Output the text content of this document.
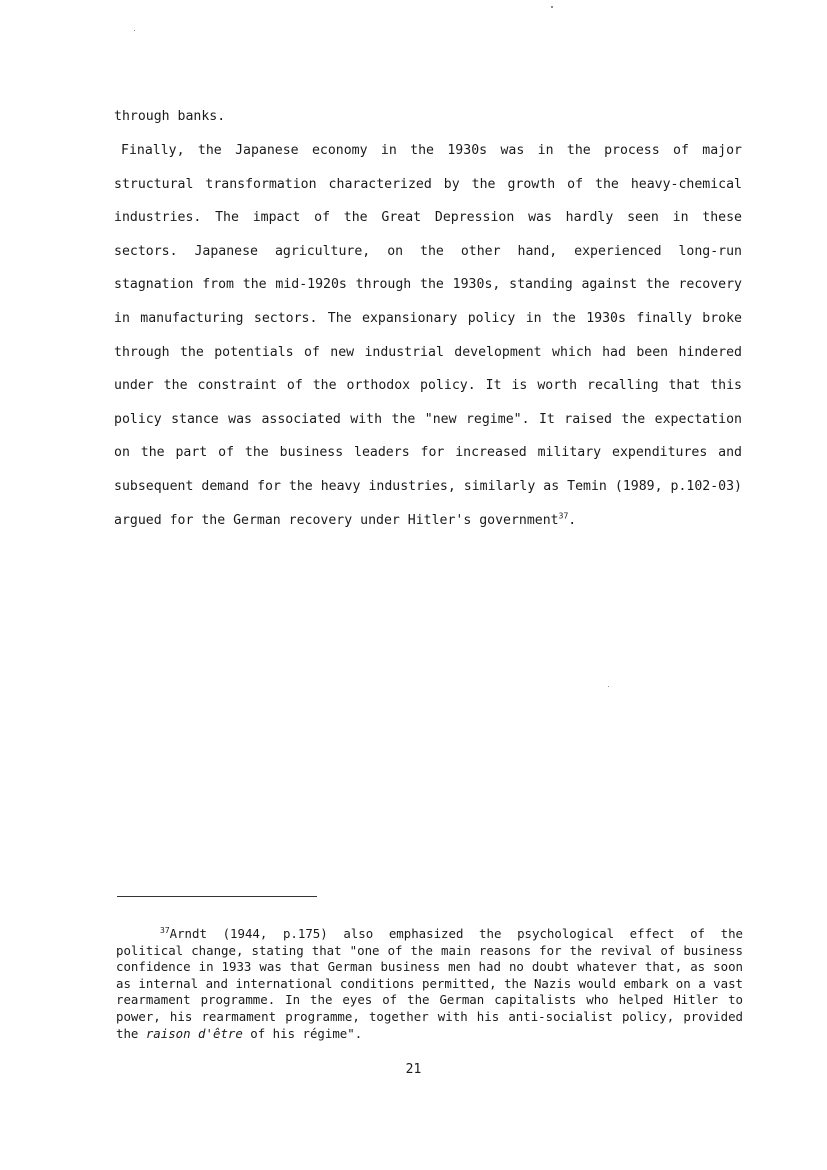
through banks.

Finally, the Japanese economy in the 1930s was in the process of major structural transformation characterized by the growth of the heavy-chemical industries. The impact of the Great Depression was hardly seen in these sectors. Japanese agriculture, on the other hand, experienced long-run stagnation from the mid-1920s through the 1930s, standing against the recovery in manufacturing sectors. The expansionary policy in the 1930s finally broke through the potentials of new industrial development which had been hindered under the constraint of the orthodox policy. It is worth recalling that this policy stance was associated with the "new regime". It raised the expectation on the part of the business leaders for increased military expenditures and subsequent demand for the heavy industries, similarly as Temin (1989, p.102-03) argued for the German recovery under Hitler's government$^{37}$.

$^{37}$Arndt (1944, p.175) also emphasized the psychological effect of the political change, stating that "one of the main reasons for the revival of business confidence in 1933 was that German business men had no doubt whatever that, as soon as internal and international conditions permitted, the Nazis would embark on a vast rearmament programme. In the eyes of the German capitalists who helped Hitler to power, his rearmament programme, together with his anti-socialist policy, provided the raison d'être of his régime".

21
